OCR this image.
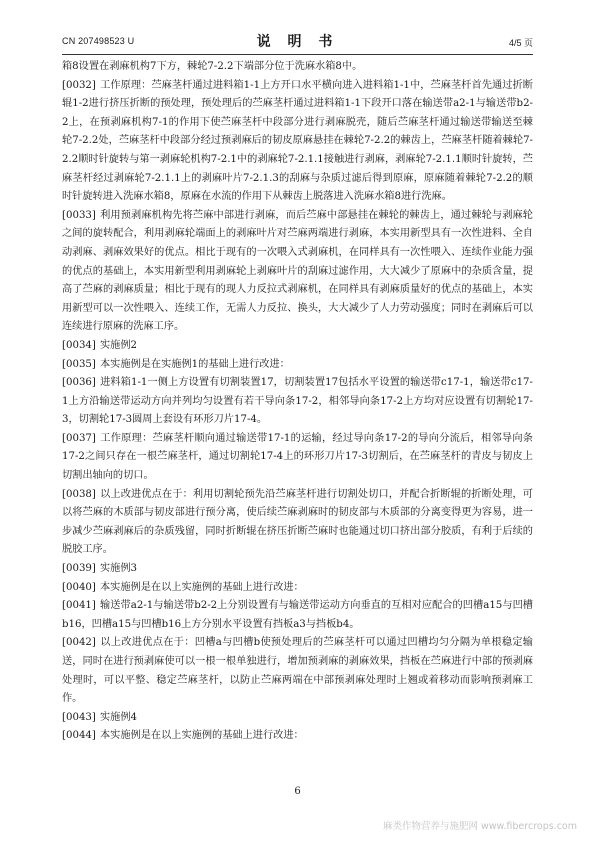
CN 207498523 U	说 明 书	4/5 页

箱8设置在剥麻机构7下方，棘轮7-2.2下端部分位于洗麻水箱8中。

[0032] 工作原理：苎麻茎杆通过进料箱1-1上方开口水平横向进入进料箱1-1中，苎麻茎杆首先通过折断辊1-2进行挤压折断的预处理，预处理后的苎麻茎杆通过进料箱1-1下段开口落在输送带a2-1与输送带b2-2上，在预剥麻机构7-1的作用下使苎麻茎杆中段部分进行剥麻脱壳，随后苎麻茎杆通过输送带输送至棘轮7-2.2处，苎麻茎杆中段部分经过预剥麻后的韧皮原麻悬挂在棘轮7-2.2的棘齿上，苎麻茎杆随着棘轮7-2.2顺时针旋转与第一剥麻轮机构7-2.1中的剥麻轮7-2.1.1接触进行剥麻，剥麻轮7-2.1.1顺时针旋转，苎麻茎杆经过剥麻轮7-2.1.1上的剥麻叶片7-2.1.3的刮麻与杂质过滤后得到原麻，原麻随着棘轮7-2.2的顺时针旋转进入洗麻水箱8，原麻在水流的作用下从棘齿上脱落进入洗麻水箱8进行洗麻。

[0033] 利用预剥麻机构先将苎麻中部进行剥麻，而后苎麻中部悬挂在棘轮的棘齿上，通过棘轮与剥麻轮之间的旋转配合，利用剥麻轮端面上的剥麻叶片对苎麻两端进行剥麻，本实用新型具有一次性进料、全自动剥麻、剥麻效果好的优点。相比于现有的一次喂入式剥麻机，在同样具有一次性喂入、连续作业能力强的优点的基础上，本实用新型利用剥麻轮上剥麻叶片的刮麻过滤作用，大大减少了原麻中的杂质含量，提高了苎麻的剥麻质量；相比于现有的现人力反拉式剥麻机，在同样具有剥麻质量好的优点的基础上，本实用新型可以一次性喂入、连续工作，无需人力反拉、换头，大大减少了人力劳动强度；同时在剥麻后可以连续进行原麻的洗麻工序。

[0034] 实施例2

[0035] 本实施例是在实施例1的基础上进行改进：

[0036] 进料箱1-1一侧上方设置有切割装置17，切割装置17包括水平设置的输送带c17-1，输送带c17-1上方沿输送带运动方向并列均匀设置有若干导向条17-2，相邻导向条17-2上方均对应设置有切割轮17-3，切割轮17-3圆周上套设有环形刀片17-4。

[0037] 工作原理：苎麻茎杆顺向通过输送带17-1的运输，经过导向条17-2的导向分流后，相邻导向条17-2之间只存在一根苎麻茎杆，通过切割轮17-4上的环形刀片17-3切割后，在苎麻茎杆的青皮与韧皮上切割出轴向的切口。

[0038] 以上改进优点在于：利用切割轮预先沿苎麻茎杆进行切割处切口，并配合折断辊的折断处理，可以将苎麻的木质部与韧皮部进行预分离，使后续苎麻剥麻时的韧皮部与木质部的分离变得更为容易，进一步减少苎麻剥麻后的杂质残留，同时折断辊在挤压折断苎麻时也能通过切口挤出部分胶质，有利于后续的脱胶工序。

[0039] 实施例3

[0040] 本实施例是在以上实施例的基础上进行改进：

[0041] 输送带a2-1与输送带b2-2上分别设置有与输送带运动方向垂直的互相对应配合的凹槽a15与凹槽b16，凹槽a15与凹槽b16上方分别水平设置有挡板a3与挡板b4。

[0042] 以上改进优点在于：凹槽a与凹槽b使预处理后的苎麻茎杆可以通过凹槽均匀分隔为单根稳定输送，同时在进行预剥麻使可以一根一根单独进行，增加预剥麻的剥麻效果，挡板在苎麻进行中部的预剥麻处理时，可以平整、稳定苎麻茎杆，以防止苎麻两端在中部预剥麻处理时上翘或着移动而影响预剥麻工作。

[0043] 实施例4

[0044] 本实施例是在以上实施例的基础上进行改进：

6
麻类作物营养与施肥网 www.fibercrops.com
